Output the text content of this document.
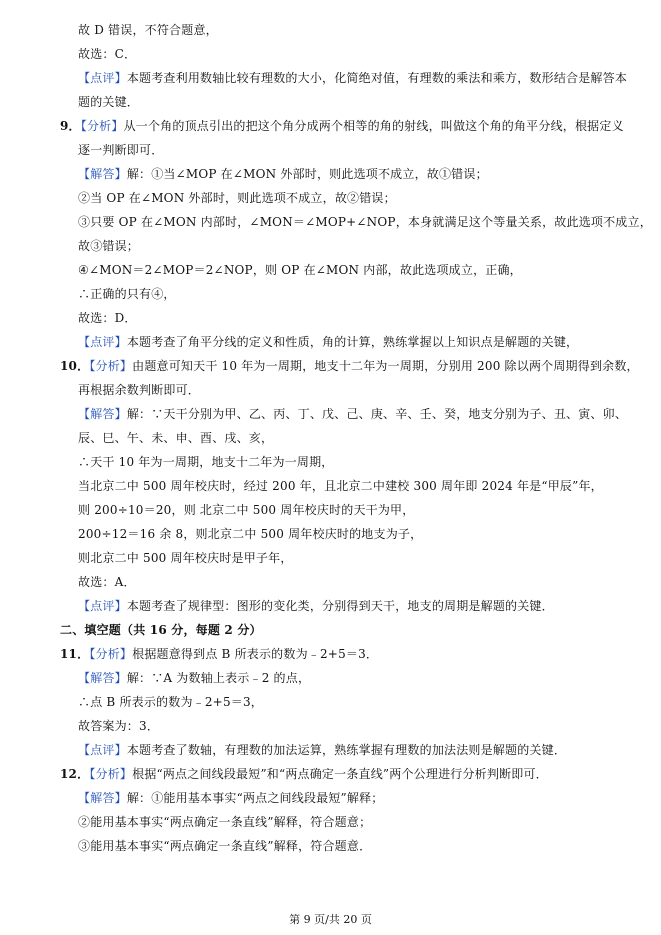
故 D 错误，不符合题意，
故选：C．
【点评】本题考查利用数轴比较有理数的大小，化简绝对值，有理数的乘法和乘方，数形结合是解答本
题的关键．
9．【分析】从一个角的顶点引出的把这个角分成两个相等的角的射线，叫做这个角的角平分线，根据定义
逐一判断即可．
【解答】解：①当∠MOP 在∠MON 外部时，则此选项不成立，故①错误；
②当 OP 在∠MON 外部时，则此选项不成立，故②错误；
③只要 OP 在∠MON 内部时，∠MON＝∠MOP+∠NOP，本身就满足这个等量关系，故此选项不成立，
故③错误；
④∠MON＝2∠MOP＝2∠NOP，则 OP 在∠MON 内部，故此选项成立，正确，
∴正确的只有④，
故选：D．
【点评】本题考查了角平分线的定义和性质，角的计算，熟练掌握以上知识点是解题的关键，
10．【分析】由题意可知天干 10 年为一周期，地支十二年为一周期，分别用 200 除以两个周期得到余数，
再根据余数判断即可．
【解答】解：∵天干分别为甲、乙、丙、丁、戊、己、庚、辛、壬、癸，地支分别为子、丑、寅、卯、
辰、巳、午、未、申、酉、戌、亥，
∴天干 10 年为一周期，地支十二年为一周期，
当北京二中 500 周年校庆时，经过 200 年，且北京二中建校 300 周年即 2024 年是“甲辰”年，
则 200÷10＝20，则 北京二中 500 周年校庆时的天干为甲，
200÷12＝16 余 8，则北京二中 500 周年校庆时的地支为子，
则北京二中 500 周年校庆时是甲子年，
故选：A．
【点评】本题考查了规律型：图形的变化类，分别得到天干，地支的周期是解题的关键．
二、填空题（共 16 分，每题 2 分）
11．【分析】根据题意得到点 B 所表示的数为﹣2+5＝3．
【解答】解：∵A 为数轴上表示﹣2 的点，
∴点 B 所表示的数为﹣2+5＝3，
故答案为：3．
【点评】本题考查了数轴，有理数的加法运算，熟练掌握有理数的加法法则是解题的关键．
12．【分析】根据“两点之间线段最短”和“两点确定一条直线”两个公理进行分析判断即可．
【解答】解：①能用基本事实“两点之间线段最短”解释；
②能用基本事实“两点确定一条直线”解释，符合题意；
③能用基本事实“两点确定一条直线”解释，符合题意．
第 9 页/共 20 页
